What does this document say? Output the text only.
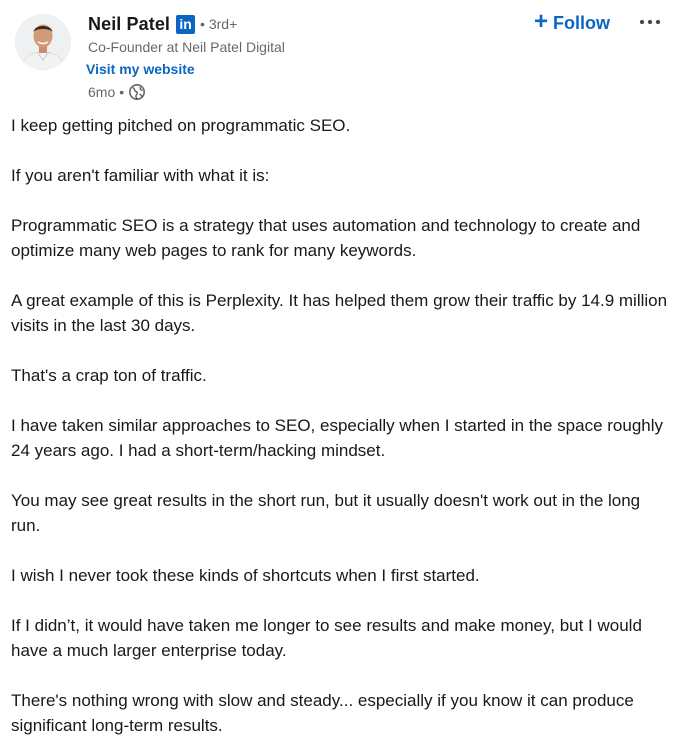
Neil Patel in • 3rd+
Co-Founder at Neil Patel Digital
Visit my website
6mo •
+ Follow

I keep getting pitched on programmatic SEO.

If you aren't familiar with what it is:

Programmatic SEO is a strategy that uses automation and technology to create and optimize many web pages to rank for many keywords.

A great example of this is Perplexity. It has helped them grow their traffic by 14.9 million visits in the last 30 days.

That's a crap ton of traffic.

I have taken similar approaches to SEO, especially when I started in the space roughly 24 years ago. I had a short-term/hacking mindset.

You may see great results in the short run, but it usually doesn't work out in the long run.

I wish I never took these kinds of shortcuts when I first started.

If I didn’t, it would have taken me longer to see results and make money, but I would have a much larger enterprise today.

There's nothing wrong with slow and steady... especially if you know it can produce significant long-term results.
